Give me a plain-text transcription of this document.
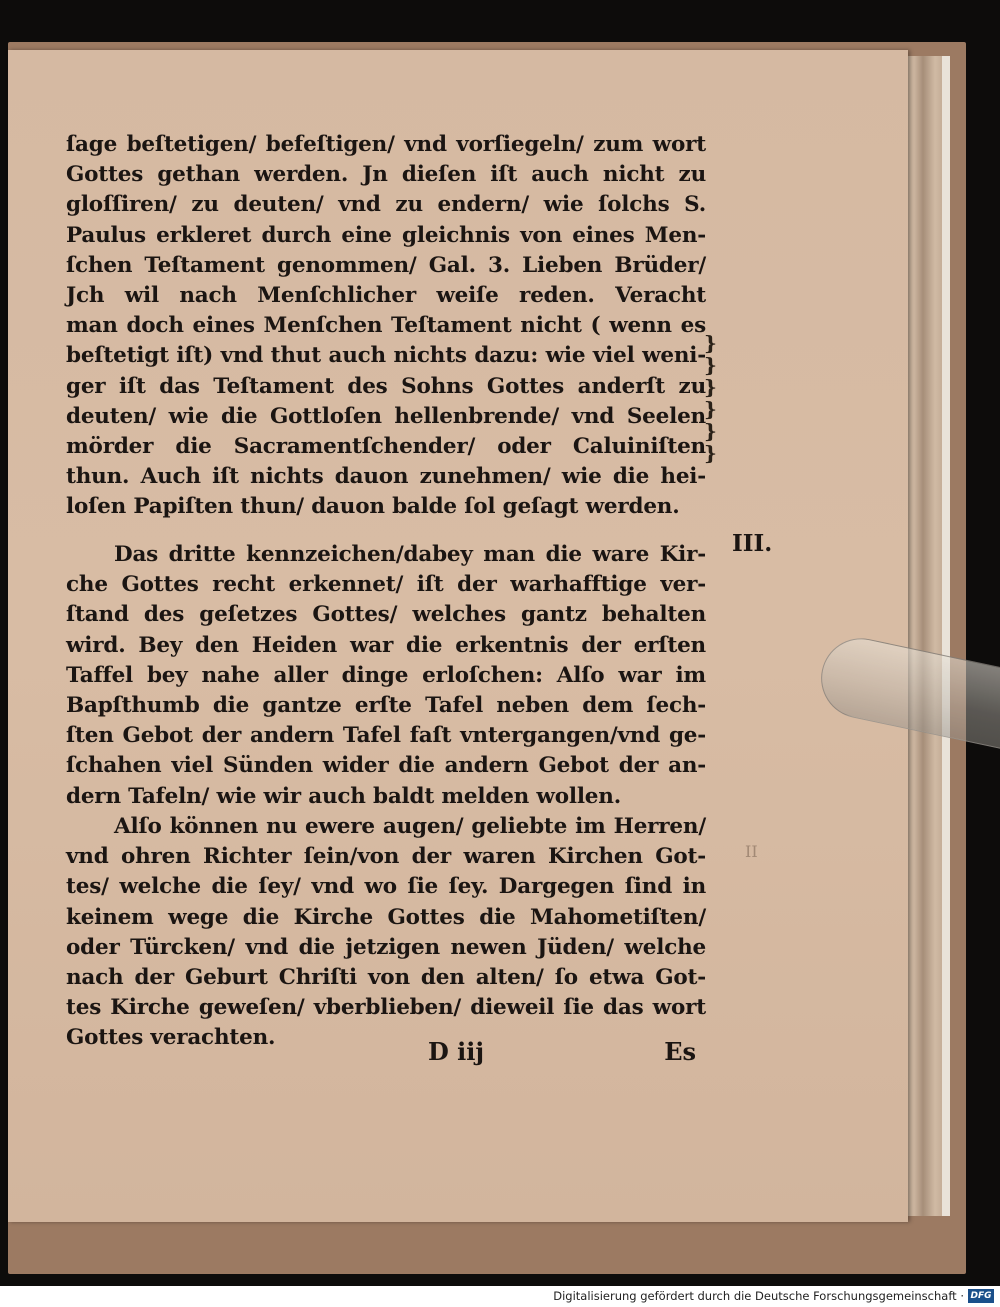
ſage beſtetigen/ befeſtigen/ vnd vorſiegeln/ zum wort
Gottes gethan werden. Jn dieſen iſt auch nicht zu
gloſſiren/ zu deuten/ vnd zu endern/ wie ſolchs S.
Paulus erkleret durch eine gleichnis von eines Men-
ſchen Teſtament genommen/ Gal. 3. Lieben Brüder/
Jch wil nach Menſchlicher weiſe reden. Veracht
man doch eines Menſchen Teſtament nicht ( wenn es
beſtetigt iſt) vnd thut auch nichts dazu: wie viel weni-
ger iſt das Teſtament des Sohns Gottes anderſt zu
deuten/ wie die Gottloſen hellenbrende/ vnd Seelen
mörder die Sacramentſchender/ oder Caluiniſten
thun. Auch iſt nichts dauon zunehmen/ wie die hei-
loſen Papiſten thun/ dauon balde ſol geſagt werden.
Das dritte kennzeichen/dabey man die ware Kir-
che Gottes recht erkennet/ iſt der warhafftige ver-
ſtand des geſetzes Gottes/ welches gantz behalten
wird. Bey den Heiden war die erkentnis der erſten
Taffel bey nahe aller dinge erloſchen: Alſo war im
Bapſthumb die gantze erſte Tafel neben dem ſech-
ſten Gebot der andern Tafel faſt vntergangen/vnd ge-
ſchahen viel Sünden wider die andern Gebot der an-
dern Tafeln/ wie wir auch baldt melden wollen.
Alſo können nu ewere augen/ geliebte im Herren/
vnd ohren Richter ſein/von der waren Kirchen Got-
tes/ welche die ſey/ vnd wo ſie ſey. Dargegen ſind in
keinem wege die Kirche Gottes die Mahometiſten/
oder Türcken/ vnd die jetzigen newen Jüden/ welche
nach der Geburt Chriſti von den alten/ ſo etwa Got-
tes Kirche geweſen/ vberblieben/ dieweil ſie das wort
Gottes verachten.
}
}
}
}
}
}
III.
II
D iij	Es
Digitalisierung gefördert durch die Deutsche Forschungsgemeinschaft · DFG
